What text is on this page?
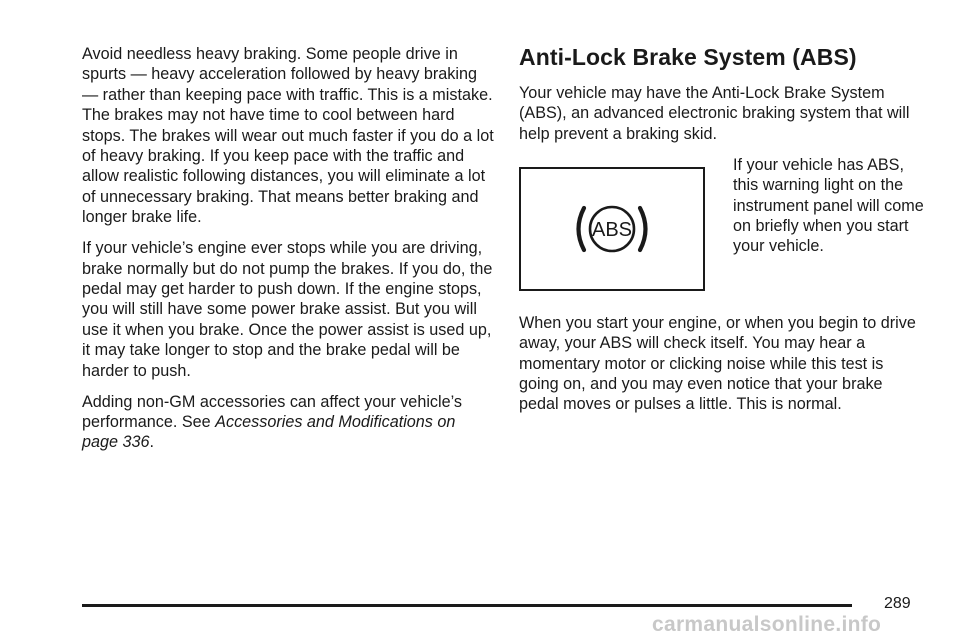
Avoid needless heavy braking. Some people drive in spurts — heavy acceleration followed by heavy braking — rather than keeping pace with traffic. This is a mistake. The brakes may not have time to cool between hard stops. The brakes will wear out much faster if you do a lot of heavy braking. If you keep pace with the traffic and allow realistic following distances, you will eliminate a lot of unnecessary braking. That means better braking and longer brake life.

If your vehicle’s engine ever stops while you are driving, brake normally but do not pump the brakes. If you do, the pedal may get harder to push down. If the engine stops, you will still have some power brake assist. But you will use it when you brake. Once the power assist is used up, it may take longer to stop and the brake pedal will be harder to push.

Adding non-GM accessories can affect your vehicle’s performance. See Accessories and Modifications on page 336.

Anti-Lock Brake System (ABS)

Your vehicle may have the Anti-Lock Brake System (ABS), an advanced electronic braking system that will help prevent a braking skid.

ABS

If your vehicle has ABS, this warning light on the instrument panel will come on briefly when you start your vehicle.

When you start your engine, or when you begin to drive away, your ABS will check itself. You may hear a momentary motor or clicking noise while this test is going on, and you may even notice that your brake pedal moves or pulses a little. This is normal.

289
carmanualsonline.info
